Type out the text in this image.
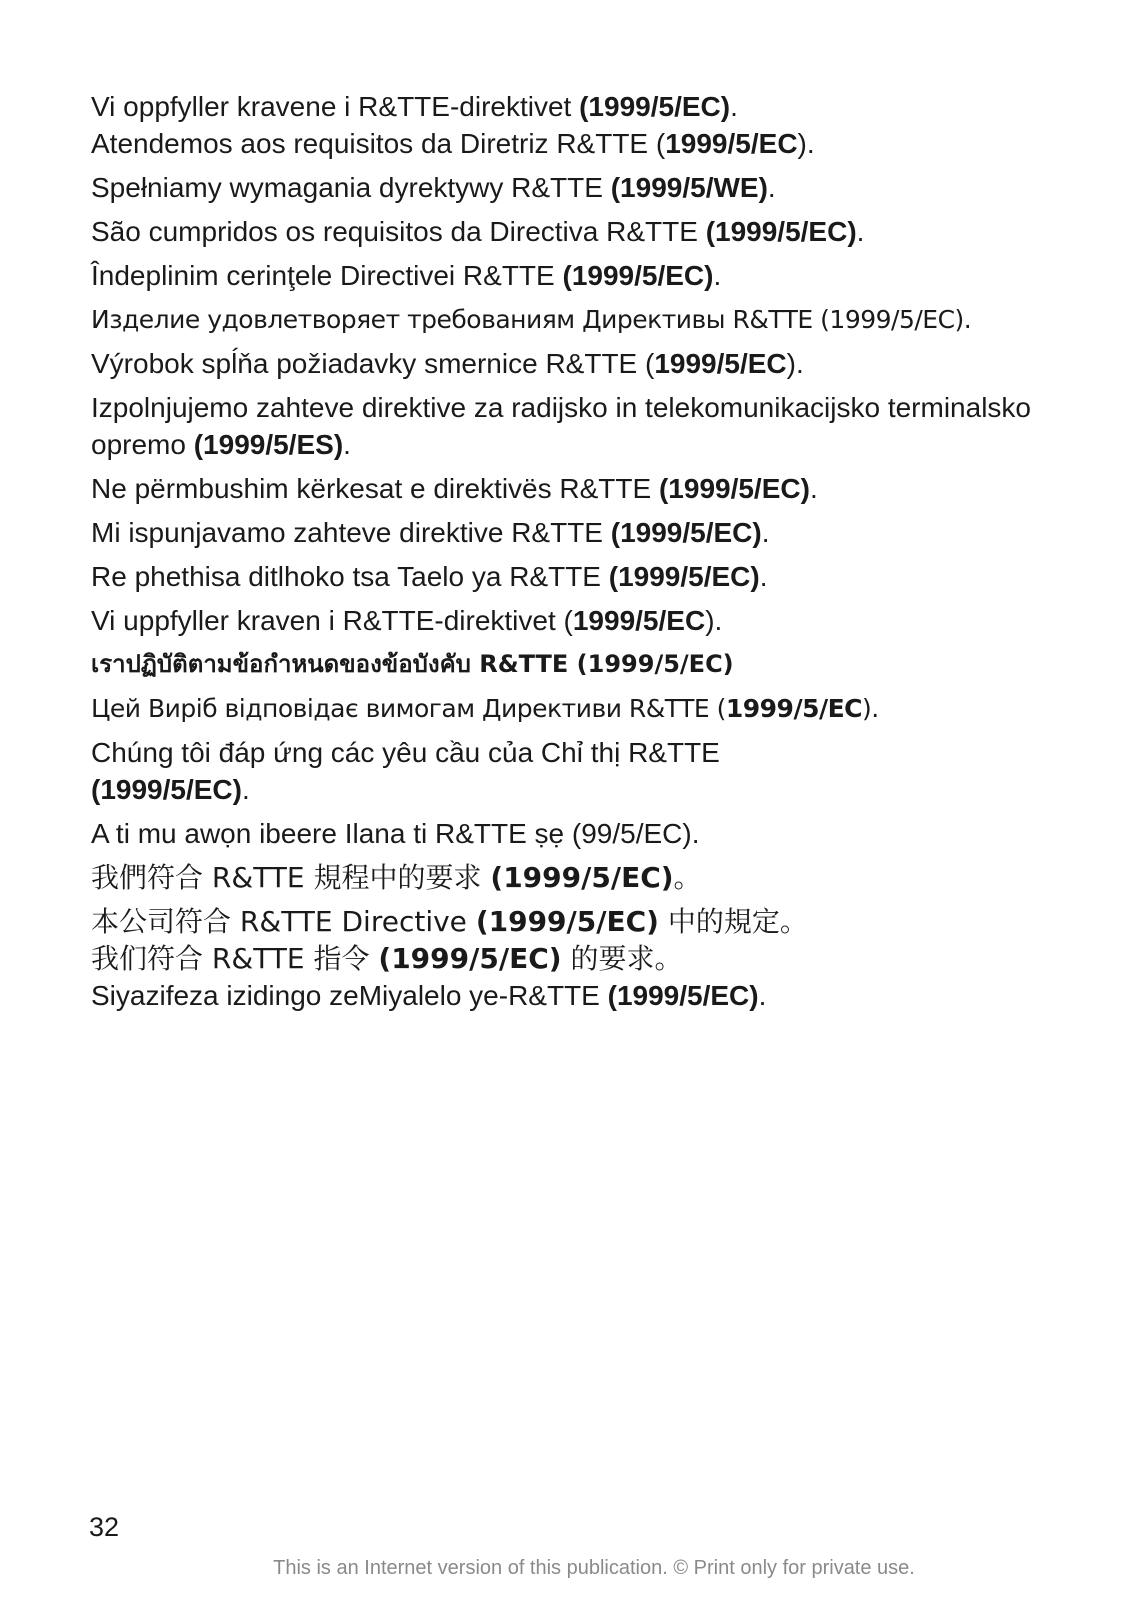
Vi oppfyller kravene i R&TTE-direktivet (1999/5/EC).

Atendemos aos requisitos da Diretriz R&TTE (1999/5/EC).

Spełniamy wymagania dyrektywy R&TTE (1999/5/WE).

São cumpridos os requisitos da Directiva R&TTE (1999/5/EC).

Îndeplinim cerinţele Directivei R&TTE (1999/5/EC).

Изделие удовлетворяет требованиям Директивы R&TTE (1999/5/EC).

Výrobok spĺňa požiadavky smernice R&TTE (1999/5/EC).

Izpolnjujemo zahteve direktive za radijsko in telekomunikacijsko terminalsko opremo (1999/5/ES).

Ne përmbushim kërkesat e direktivës R&TTE (1999/5/EC).

Mi ispunjavamo zahteve direktive R&TTE (1999/5/EC).

Re phethisa ditlhoko tsa Taelo ya R&TTE (1999/5/EC).

Vi uppfyller kraven i R&TTE-direktivet (1999/5/EC).

เราปฏิบัติตามข้อกำหนดของข้อบังคับ R&TTE (1999/5/EC)

Цей Виріб відповідає вимогам Директиви R&TTE (1999/5/EC).

Chúng tôi đáp ứng các yêu cầu của Chỉ thị R&TTE (1999/5/EC).

A ti mu awọn ibeere Ilana ti R&TTE ṣẹ (99/5/EC).

我們符合 R&TTE 規程中的要求 (1999/5/EC)。

本公司符合 R&TTE Directive (1999/5/EC) 中的規定。

我们符合 R&TTE 指令 (1999/5/EC) 的要求。

Siyazifeza izidingo zeMiyalelo ye-R&TTE (1999/5/EC).

32
This is an Internet version of this publication. © Print only for private use.
